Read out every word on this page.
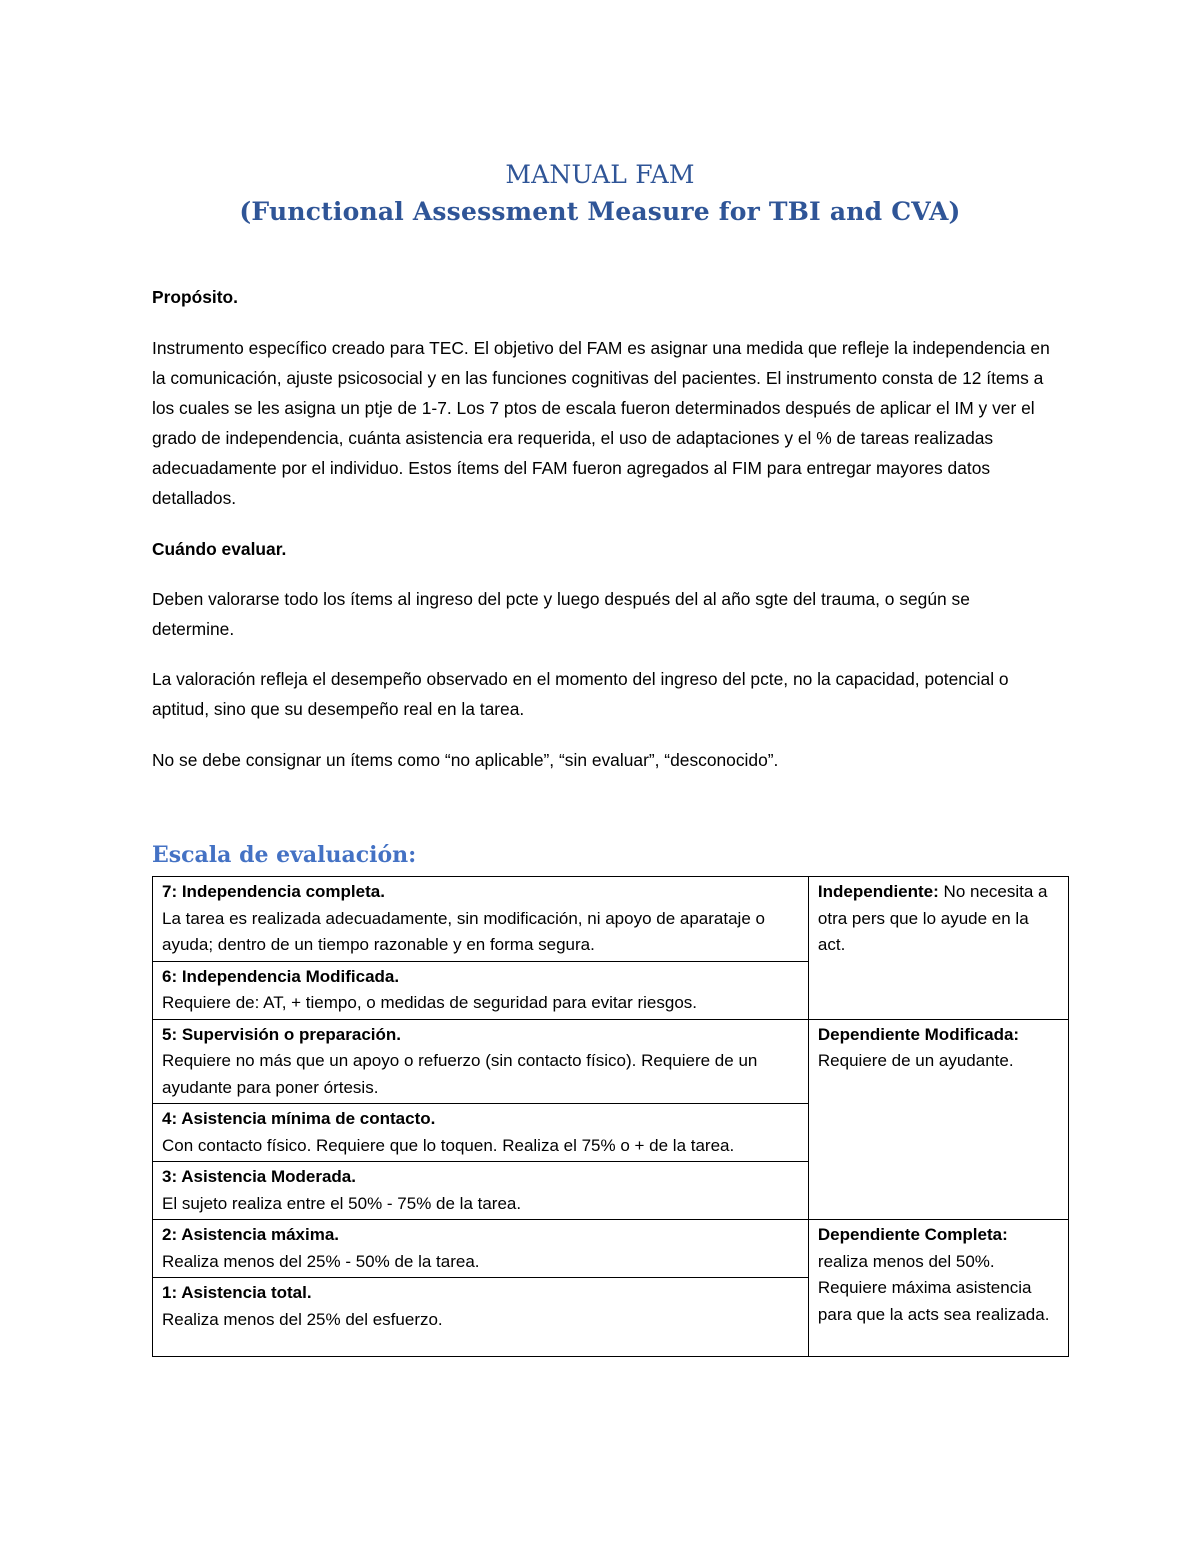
MANUAL FAM
(Functional Assessment Measure for TBI and CVA)
Propósito.
Instrumento específico creado para TEC. El objetivo del FAM es asignar una medida que refleje la independencia en la comunicación, ajuste psicosocial y en las funciones cognitivas del pacientes. El instrumento consta de 12 ítems a los cuales se les asigna un ptje de 1-7. Los 7 ptos de escala fueron determinados después de aplicar el IM y ver el grado de independencia, cuánta asistencia era requerida, el uso de adaptaciones y el % de tareas realizadas adecuadamente por el individuo. Estos ítems del FAM fueron agregados al FIM para entregar mayores datos detallados.
Cuándo evaluar.
Deben valorarse todo los ítems al ingreso del pcte y luego después del al año sgte del trauma, o según se determine.
La valoración refleja el desempeño observado en el momento del ingreso del pcte, no la capacidad, potencial o aptitud, sino que su desempeño real en la tarea.
No se debe consignar un ítems como “no aplicable”, “sin evaluar”, “desconocido”.
Escala de evaluación:
7: Independencia completa.
La tarea es realizada adecuadamente, sin modificación, ni apoyo de aparataje o ayuda; dentro de un tiempo razonable y en forma segura.	Independiente: No necesita a otra pers que lo ayude en la act.

6: Independencia Modificada.
Requiere de: AT, + tiempo, o medidas de seguridad para evitar riesgos.	

5: Supervisión o preparación.
Requiere no más que un apoyo o refuerzo (sin contacto físico). Requiere de un ayudante para poner órtesis.	Dependiente Modificada:
Requiere de un ayudante.

4: Asistencia mínima de contacto.
Con contacto físico. Requiere que lo toquen. Realiza el 75% o + de la tarea.	

3: Asistencia Moderada.
El sujeto realiza entre el 50% - 75% de la tarea.	

2: Asistencia máxima.
Realiza menos del 25% - 50% de la tarea.	Dependiente Completa:
realiza menos del 50%. Requiere máxima asistencia para que la acts sea realizada.

1: Asistencia total.
Realiza menos del 25% del esfuerzo.	
